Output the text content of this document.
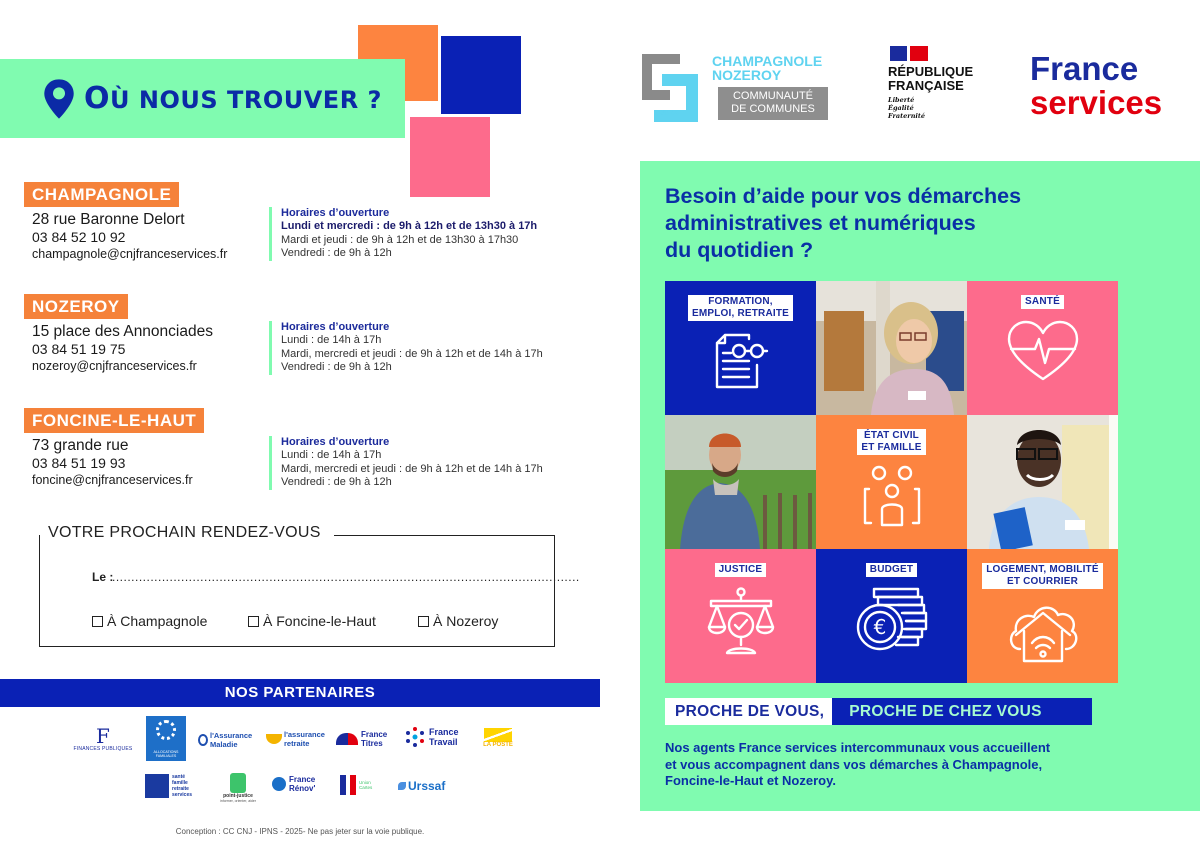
OÙ NOUS TROUVER ?
CHAMPAGNOLE
28 rue Baronne Delort
03 84 52 10 92
champagnole@cnjfranceservices.fr
Horaires d’ouverture
Lundi et mercredi : de 9h à 12h et de 13h30 à 17h
Mardi et jeudi : de 9h à 12h et de 13h30 à 17h30
Vendredi : de 9h à 12h
NOZEROY
15 place des Annonciades
03 84 51 19 75
nozeroy@cnjfranceservices.fr
Horaires d’ouverture
Lundi : de 14h à 17h
Mardi, mercredi et jeudi : de 9h à 12h et de 14h à 17h
Vendredi : de 9h à 12h
FONCINE-LE-HAUT
73 grande rue
03 84 51 19 93
foncine@cnjfranceservices.fr
Horaires d’ouverture
Lundi : de 14h à 17h
Mardi, mercredi et jeudi : de 9h à 12h et de 14h à 17h
Vendredi : de 9h à 12h
VOTRE PROCHAIN RENDEZ-VOUS
Le :
..........................................................................................................................
À Champagnole	À Foncine-le-Haut	À Nozeroy
NOS PARTENAIRES
F
FINANCES PUBLIQUES	ALLOCATIONS FAMILIALES
l'Assurance Maladie
l'assurance retraite
France Titres
France Travail	LA POSTE
santé famille retraite services	point-justice
informer, orienter, aider
France Rénov'
Union Cartes	Urssaf
Conception : CC CNJ - IPNS - 2025- Ne pas jeter sur la voie publique.
JURA
CHAMPAGNOLE
NOZEROY
COMMUNAUTÉ
DE COMMUNES
RÉPUBLIQUE
FRANÇAISE
Liberté
Égalité
Fraternité
France
services
Besoin d’aide pour vos démarches
administratives et numériques
du quotidien ?
FORMATION,
EMPLOI, RETRAITE
SANTÉ
ÉTAT CIVIL
ET FAMILLE
JUSTICE	BUDGET
€
LOGEMENT, MOBILITÉ
ET COURRIER
PROCHE DE VOUS,	PROCHE DE CHEZ VOUS
Nos agents France services intercommunaux vous accueillent
et vous accompagnent dans vos démarches à Champagnole,
Foncine-le-Haut et Nozeroy.
